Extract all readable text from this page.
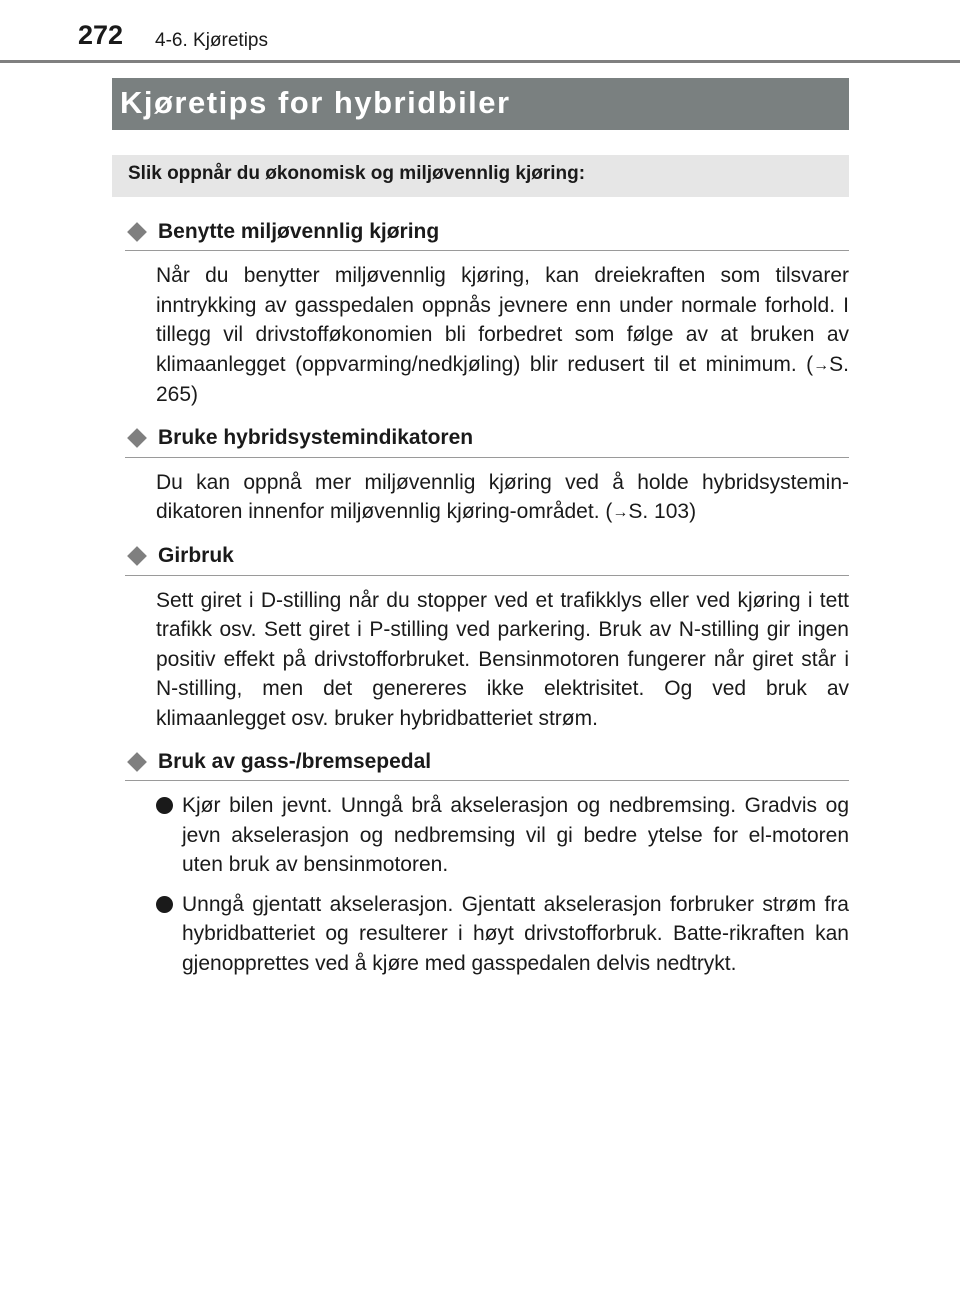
272 4-6. Kjøretips
Kjøretips for hybridbiler
Slik oppnår du økonomisk og miljøvennlig kjøring:
Benytte miljøvennlig kjøring

Når du benytter miljøvennlig kjøring, kan dreiekraften som tilsvarer inntrykking av gasspedalen oppnås jevnere enn under normale forhold. I tillegg vil drivstofføkonomien bli forbedret som følge av at bruken av klimaanlegget (oppvarming/nedkjøling) blir redusert til et minimum. (→S. 265)

Bruke hybridsystemindikatoren

Du kan oppnå mer miljøvennlig kjøring ved å holde hybridsystemin-dikatoren innenfor miljøvennlig kjøring-området. (→S. 103)

Girbruk

Sett giret i D-stilling når du stopper ved et trafikklys eller ved kjøring i tett trafikk osv. Sett giret i P-stilling ved parkering. Bruk av N-stilling gir ingen positiv effekt på drivstofforbruket. Bensinmotoren fungerer når giret står i N-stilling, men det genereres ikke elektrisitet. Og ved bruk av klimaanlegget osv. bruker hybridbatteriet strøm.

Bruk av gass-/bremsepedal
Kjør bilen jevnt. Unngå brå akselerasjon og nedbremsing. Gradvis og jevn akselerasjon og nedbremsing vil gi bedre ytelse for el-motoren uten bruk av bensinmotoren.
Unngå gjentatt akselerasjon. Gjentatt akselerasjon forbruker strøm fra hybridbatteriet og resulterer i høyt drivstofforbruk. Batte-rikraften kan gjenopprettes ved å kjøre med gasspedalen delvis nedtrykt.
